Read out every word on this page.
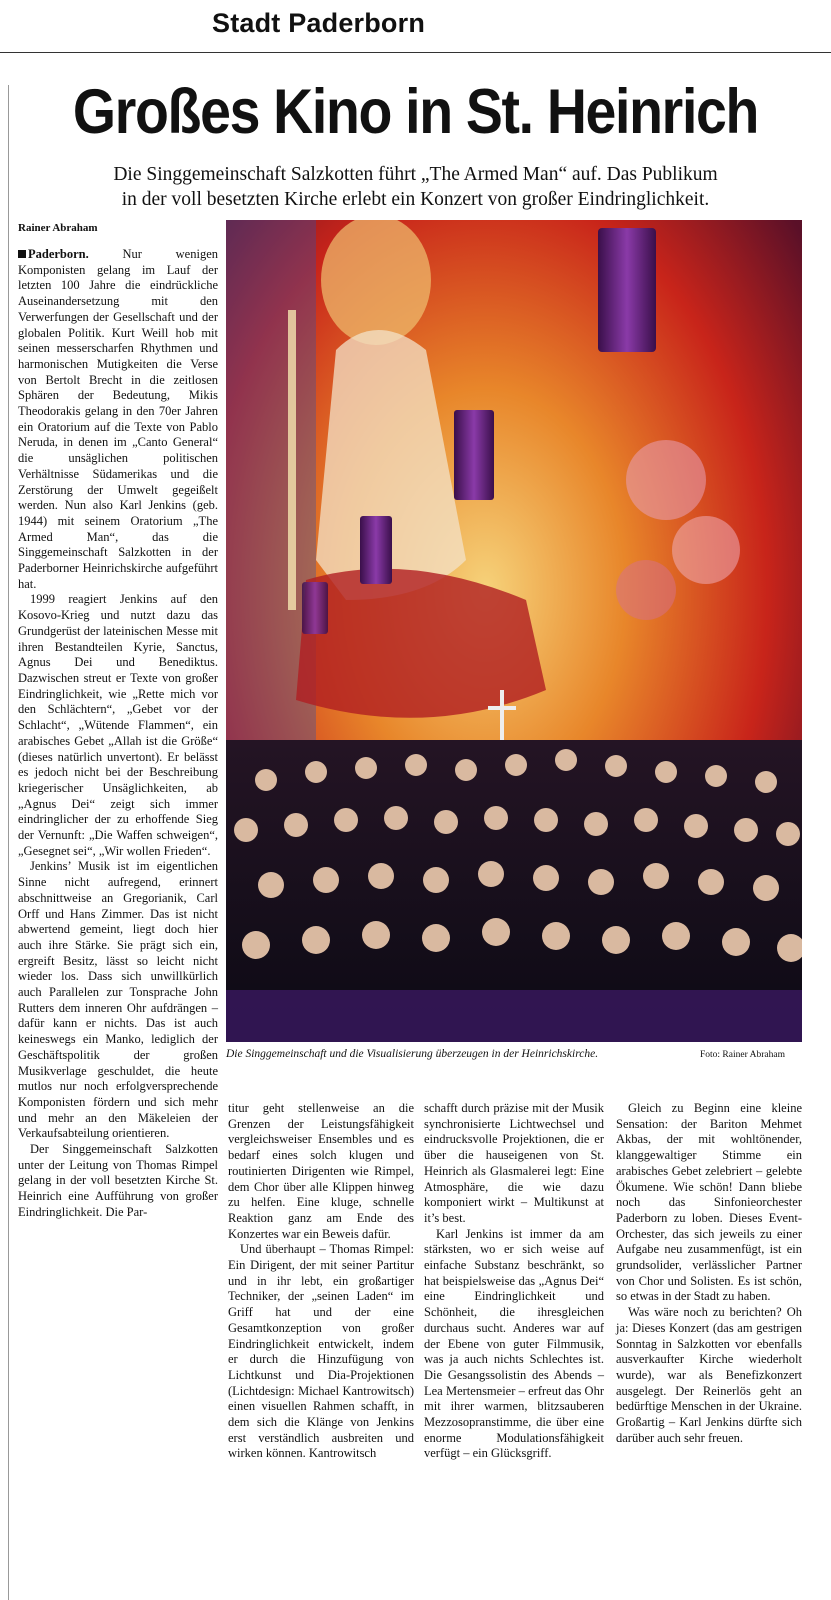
Stadt Paderborn
Großes Kino in St. Heinrich
Die Singgemeinschaft Salzkotten führt „The Armed Man“ auf. Das Publikum
in der voll besetzten Kirche erlebt ein Konzert von großer Eindringlichkeit.
Rainer Abraham

Paderborn.	Nur wenigen Komponisten gelang im Lauf der letzten 100 Jahre die eindrückliche Auseinandersetzung mit den Verwerfungen der Gesellschaft und der globalen Politik. Kurt Weill hob mit seinen messerscharfen Rhythmen und harmonischen Mutigkeiten die Verse von Bertolt Brecht in die zeitlosen Sphären der Bedeutung, Mikis Theodorakis gelang in den 70er Jahren ein Oratorium auf die Texte von Pablo Neruda, in denen im „Canto General“ die unsäglichen politischen Verhältnisse Südamerikas und die Zerstörung der Umwelt gegeißelt werden. Nun also Karl Jenkins (geb. 1944) mit seinem Oratorium „The Armed Man“, das die Singgemeinschaft Salzkotten in der Paderborner Heinrichskirche aufgeführt hat.

1999 reagiert Jenkins auf den Kosovo-Krieg und nutzt dazu das Grundgerüst der lateinischen Messe mit ihren Bestandteilen Kyrie, Sanctus, Agnus Dei und Benediktus. Dazwischen streut er Texte von großer Eindringlichkeit, wie „Rette mich vor den Schlächtern“, „Gebet vor der Schlacht“, „Wütende Flammen“, ein arabisches Gebet „Allah ist die Größe“ (dieses natürlich unvertont). Er belässt es jedoch nicht bei der Beschreibung kriegerischer Unsäglichkeiten, ab „Agnus Dei“ zeigt sich immer eindringlicher der zu erhoffende Sieg der Vernunft: „Die Waffen schweigen“, „Gesegnet sei“, „Wir wollen Frieden“.

Jenkins’ Musik ist im eigentlichen Sinne nicht aufregend, erinnert abschnittweise an Gregorianik, Carl Orff und Hans Zimmer. Das ist nicht abwertend gemeint, liegt doch hier auch ihre Stärke. Sie prägt sich ein, ergreift Besitz, lässt so leicht nicht wieder los. Dass sich unwillkürlich auch Parallelen zur Tonsprache John Rutters dem inneren Ohr aufdrängen – dafür kann er nichts. Das ist auch keineswegs ein Manko, lediglich der Geschäftspolitik der großen Musikverlage geschuldet, die heute mutlos nur noch erfolgversprechende Komponisten fördern und sich mehr und mehr an den Mäkeleien der Verkaufsabteilung orientieren.

Der Singgemeinschaft Salzkotten unter der Leitung von Thomas Rimpel gelang in der voll besetzten Kirche St. Heinrich eine Aufführung von großer Eindringlichkeit. Die Par-

Die Singgemeinschaft und die Visualisierung überzeugen in der Heinrichskirche.	Foto: Rainer Abraham

titur geht stellenweise an die Grenzen der Leistungsfähigkeit vergleichsweiser Ensembles und es bedarf eines solch klugen und routinierten Dirigenten wie Rimpel, dem Chor über alle Klippen hinweg zu helfen. Eine kluge, schnelle Reaktion ganz am Ende des Konzertes war ein Beweis dafür.

Und überhaupt – Thomas Rimpel: Ein Dirigent, der mit seiner Partitur und in ihr lebt, ein großartiger Techniker, der „seinen Laden“ im Griff hat und der eine Gesamtkonzeption von großer Eindringlichkeit entwickelt, indem er durch die Hinzufügung von Lichtkunst und Dia-Projektionen (Lichtdesign: Michael Kantrowitsch) einen visuellen Rahmen schafft, in dem sich die Klänge von Jenkins erst verständlich ausbreiten und wirken können. Kantrowitsch

schafft durch präzise mit der Musik synchronisierte Lichtwechsel und eindrucksvolle Projektionen, die er über die hauseigenen von St. Heinrich als Glasmalerei legt: Eine Atmosphäre, die wie dazu komponiert wirkt – Multikunst at it’s best.

Karl Jenkins ist immer da am stärksten, wo er sich weise auf einfache Substanz beschränkt, so hat beispielsweise das „Agnus Dei“ eine Eindringlichkeit und Schönheit, die ihresgleichen durchaus sucht. Anderes war auf der Ebene von guter Filmmusik, was ja auch nichts Schlechtes ist. Die Gesangssolistin des Abends – Lea Mertensmeier – erfreut das Ohr mit ihrer warmen, blitzsauberen Mezzosopranstimme, die über eine enorme Modulationsfähigkeit verfügt – ein Glücksgriff.

Gleich zu Beginn eine kleine Sensation: der Bariton Mehmet Akbas, der mit wohltönender, klanggewaltiger Stimme ein arabisches Gebet zelebriert – gelebte Ökumene. Wie schön! Dann bliebe noch das Sinfonieorchester Paderborn zu loben. Dieses Event-Orchester, das sich jeweils zu einer Aufgabe neu zusammenfügt, ist ein grundsolider, verlässlicher Partner von Chor und Solisten. Es ist schön, so etwas in der Stadt zu haben.

Was wäre noch zu berichten? Oh ja: Dieses Konzert (das am gestrigen Sonntag in Salzkotten vor ebenfalls ausverkaufter Kirche wiederholt wurde), war als Benefizkonzert ausgelegt. Der Reinerlös geht an bedürftige Menschen in der Ukraine. Großartig – Karl Jenkins dürfte sich darüber auch sehr freuen.
